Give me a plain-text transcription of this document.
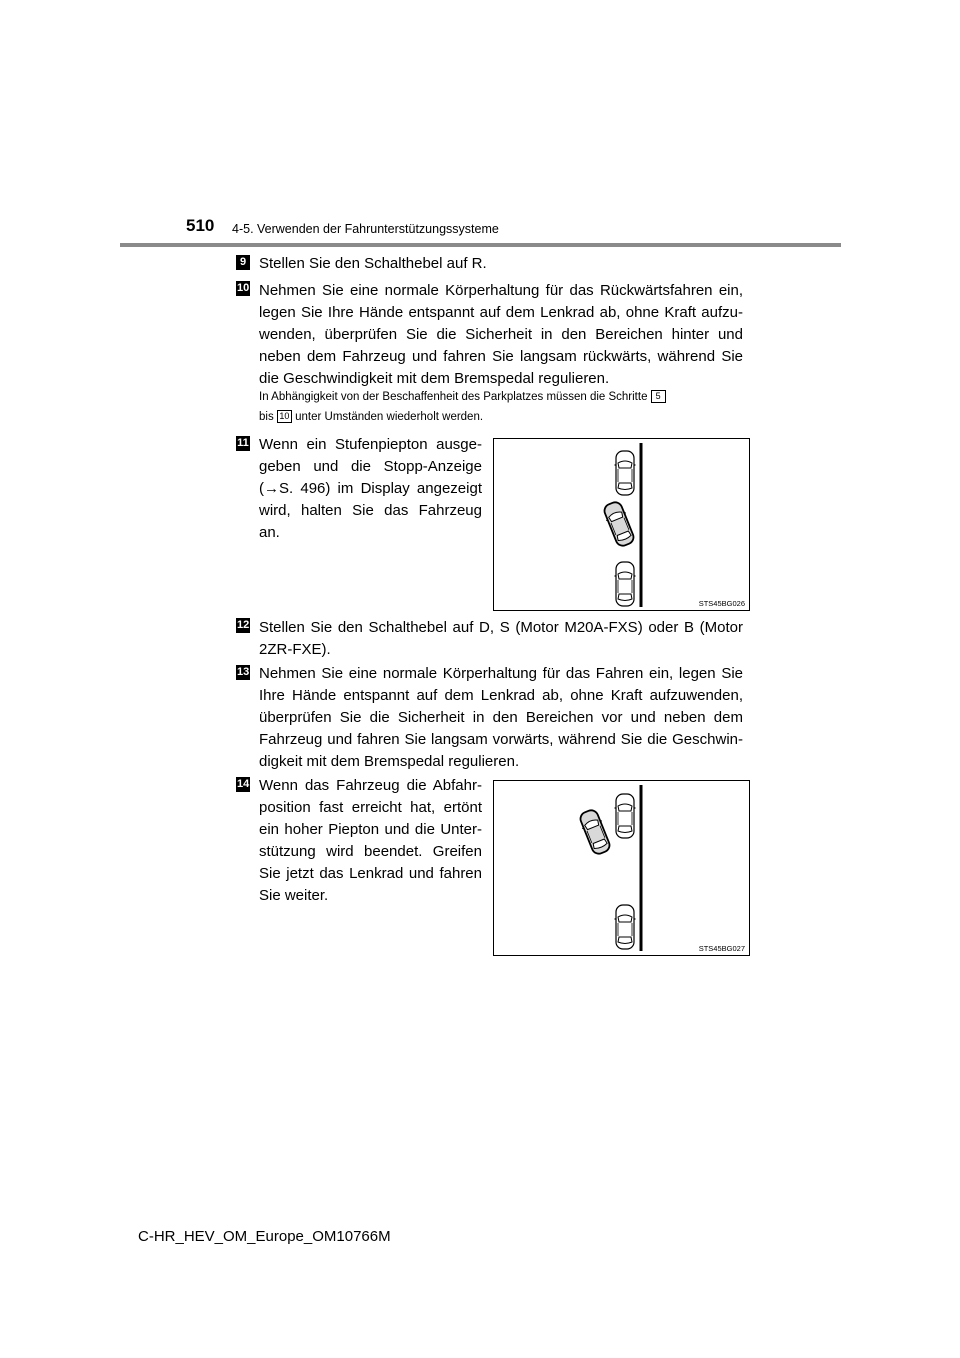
510 4-5. Verwenden der Fahrunterstützungssysteme
9 Stellen Sie den Schalthebel auf R.
10 Nehmen Sie eine normale Körperhaltung für das Rückwärtsfahren ein, legen Sie Ihre Hände entspannt auf dem Lenkrad ab, ohne Kraft aufzu- wenden, überprüfen Sie die Sicherheit in den Bereichen hinter und neben dem Fahrzeug und fahren Sie langsam rückwärts, während Sie die Geschwindigkeit mit dem Bremspedal regulieren.
In Abhängigkeit von der Beschaffenheit des Parkplatzes müssen die Schritte 5
bis 10 unter Umständen wiederholt werden.
11 Wenn ein Stufenpiepton ausge- geben und die Stopp-Anzeige (→S. 496) im Display angezeigt wird, halten Sie das Fahrzeug an.
STS45BG026
12 Stellen Sie den Schalthebel auf D, S (Motor M20A-FXS) oder B (Motor 2ZR-FXE).
13 Nehmen Sie eine normale Körperhaltung für das Fahren ein, legen Sie Ihre Hände entspannt auf dem Lenkrad ab, ohne Kraft aufzuwenden, überprüfen Sie die Sicherheit in den Bereichen vor und neben dem Fahrzeug und fahren Sie langsam vorwärts, während Sie die Geschwin- digkeit mit dem Bremspedal regulieren.
14 Wenn das Fahrzeug die Abfahr- position fast erreicht hat, ertönt ein hoher Piepton und die Unter- stützung wird beendet. Greifen Sie jetzt das Lenkrad und fahren Sie weiter.
STS45BG027
C-HR_HEV_OM_Europe_OM10766M
